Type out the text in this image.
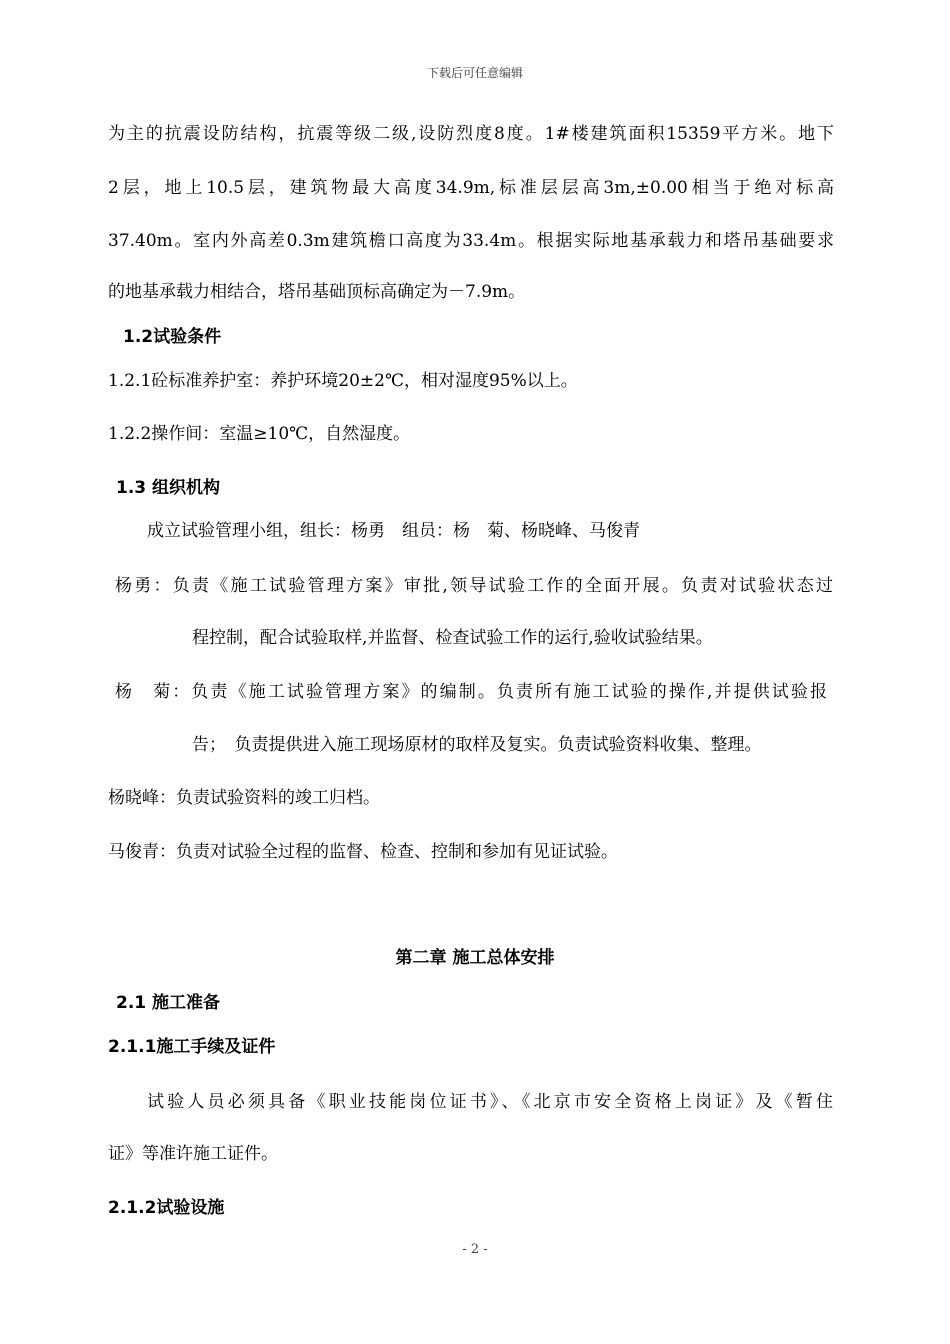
下载后可任意编辑
为主的抗震设防结构，抗震等级二级,设防烈度8度。1#楼建筑面积15359平方米。地下
2层，地上10.5层，建筑物最大高度34.9m,标准层层高3m,±0.00相当于绝对标高
37.40m。室内外高差0.3m建筑檐口高度为33.4m。根据实际地基承载力和塔吊基础要求
的地基承载力相结合，塔吊基础顶标高确定为－7.9m。
1.2试验条件
1.2.1砼标准养护室：养护环境20±2℃，相对湿度95%以上。
1.2.2操作间：室温≥10℃，自然湿度。
1.3 组织机构
成立试验管理小组，组长：杨勇　组员：杨　菊、杨晓峰、马俊青
杨勇：负责《施工试验管理方案》审批,领导试验工作的全面开展。负责对试验状态过
程控制，配合试验取样,并监督、检查试验工作的运行,验收试验结果。
杨　菊：负责《施工试验管理方案》的编制。负责所有施工试验的操作,并提供试验报
告；　负责提供进入施工现场原材的取样及复实。负责试验资料收集、整理。
杨晓峰：负责试验资料的竣工归档。
马俊青：负责对试验全过程的监督、检查、控制和参加有见证试验。
第二章 施工总体安排
2.1 施工准备
2.1.1施工手续及证件
试验人员必须具备《职业技能岗位证书》、《北京市安全资格上岗证》及《暂住
证》等准许施工证件。
2.1.2试验设施
- 2 -
